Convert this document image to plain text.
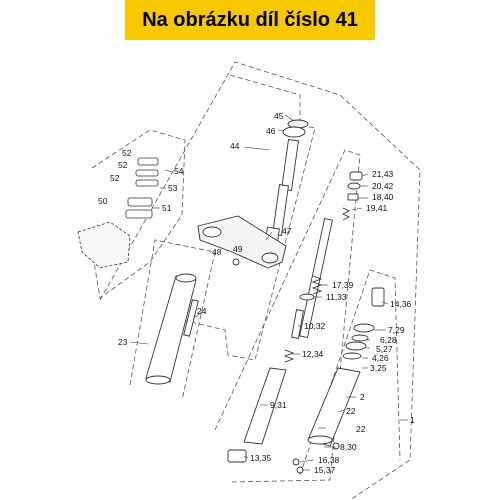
Na obrázku díl číslo 41
45
46
44
52
52
54
52
53
50
51
47
48 49
24
23
21,43
20,42
18,40
19,41
17,39
11,33
10,32
12,34
9,31
13,35
14,36
7,29
6,28
5,27
4,26
3,25
2
22
22
8,30
16,38
15,37
1
